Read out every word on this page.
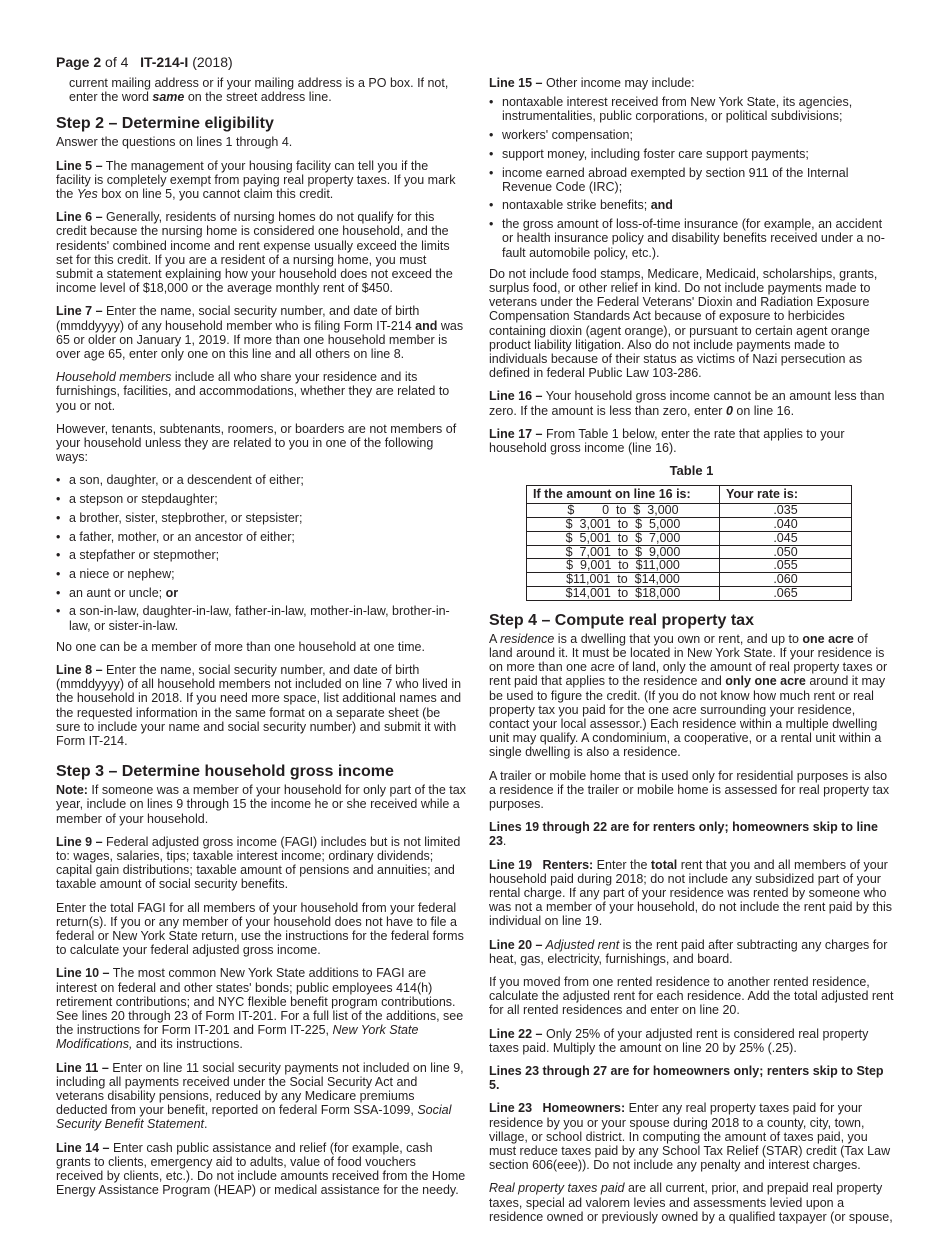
Page 2 of 4   IT-214-I (2018)

current mailing address or if your mailing address is a PO box. If not, enter the word same on the street address line.

Step 2 – Determine eligibility

Answer the questions on lines 1 through 4.

Line 5 – The management of your housing facility can tell you if the facility is completely exempt from paying real property taxes. If you mark the Yes box on line 5, you cannot claim this credit.

Line 6 – Generally, residents of nursing homes do not qualify for this credit because the nursing home is considered one household, and the residents' combined income and rent expense usually exceed the limits set for this credit. If you are a resident of a nursing home, you must submit a statement explaining how your household does not exceed the income level of $18,000 or the average monthly rent of $450.

Line 7 – Enter the name, social security number, and date of birth (mmddyyyy) of any household member who is filing Form IT-214 and was 65 or older on January 1, 2019. If more than one household member is over age 65, enter only one on this line and all others on line 8.

Household members include all who share your residence and its furnishings, facilities, and accommodations, whether they are related to you or not.

However, tenants, subtenants, roomers, or boarders are not members of your household unless they are related to you in one of the following ways:

• a son, daughter, or a descendent of either;
• a stepson or stepdaughter;
• a brother, sister, stepbrother, or stepsister;
• a father, mother, or an ancestor of either;
• a stepfather or stepmother;
• a niece or nephew;
• an aunt or uncle; or
• a son-in-law, daughter-in-law, father-in-law, mother-in-law, brother-in-law, or sister-in-law.

No one can be a member of more than one household at one time.

Line 8 – Enter the name, social security number, and date of birth (mmddyyyy) of all household members not included on line 7 who lived in the household in 2018. If you need more space, list additional names and the requested information in the same format on a separate sheet (be sure to include your name and social security number) and submit it with Form IT-214.

Step 3 – Determine household gross income

Note: If someone was a member of your household for only part of the tax year, include on lines 9 through 15 the income he or she received while a member of your household.

Line 9 – Federal adjusted gross income (FAGI) includes but is not limited to: wages, salaries, tips; taxable interest income; ordinary dividends; capital gain distributions; taxable amount of pensions and annuities; and taxable amount of social security benefits.

Enter the total FAGI for all members of your household from your federal return(s). If you or any member of your household does not have to file a federal or New York State return, use the instructions for the federal forms to calculate your federal adjusted gross income.

Line 10 – The most common New York State additions to FAGI are interest on federal and other states' bonds; public employees 414(h) retirement contributions; and NYC flexible benefit program contributions. See lines 20 through 23 of Form IT-201. For a full list of the additions, see the instructions for Form IT-201 and Form IT-225, New York State Modifications, and its instructions.

Line 11 – Enter on line 11 social security payments not included on line 9, including all payments received under the Social Security Act and veterans disability pensions, reduced by any Medicare premiums deducted from your benefit, reported on federal Form SSA-1099, Social Security Benefit Statement.

Line 14 – Enter cash public assistance and relief (for example, cash grants to clients, emergency aid to adults, value of food vouchers received by clients, etc.). Do not include amounts received from the Home Energy Assistance Program (HEAP) or medical assistance for the needy.

Line 15 – Other income may include:

• nontaxable interest received from New York State, its agencies, instrumentalities, public corporations, or political subdivisions;
• workers' compensation;
• support money, including foster care support payments;
• income earned abroad exempted by section 911 of the Internal Revenue Code (IRC);
• nontaxable strike benefits; and
• the gross amount of loss-of-time insurance (for example, an accident or health insurance policy and disability benefits received under a no-fault automobile policy, etc.).

Do not include food stamps, Medicare, Medicaid, scholarships, grants, surplus food, or other relief in kind. Do not include payments made to veterans under the Federal Veterans' Dioxin and Radiation Exposure Compensation Standards Act because of exposure to herbicides containing dioxin (agent orange), or pursuant to certain agent orange product liability litigation. Also do not include payments made to individuals because of their status as victims of Nazi persecution as defined in federal Public Law 103-286.

Line 16 – Your household gross income cannot be an amount less than zero. If the amount is less than zero, enter 0 on line 16.

Line 17 – From Table 1 below, enter the rate that applies to your household gross income (line 16).

Table 1
If the amount on line 16 is:	Your rate is:
$        0  to  $  3,000	.035
$  3,001  to  $  5,000	.040
$  5,001  to  $  7,000	.045
$  7,001  to  $  9,000	.050
$  9,001  to  $11,000	.055
$11,001  to  $14,000	.060
$14,001  to  $18,000	.065
Step 4 – Compute real property tax

A residence is a dwelling that you own or rent, and up to one acre of land around it. It must be located in New York State. If your residence is on more than one acre of land, only the amount of real property taxes or rent paid that applies to the residence and only one acre around it may be used to figure the credit. (If you do not know how much rent or real property tax you paid for the one acre surrounding your residence, contact your local assessor.) Each residence within a multiple dwelling unit may qualify. A condominium, a cooperative, or a rental unit within a single dwelling is also a residence.

A trailer or mobile home that is used only for residential purposes is also a residence if the trailer or mobile home is assessed for real property tax purposes.

Lines 19 through 22 are for renters only; homeowners skip to line 23.

Line 19   Renters: Enter the total rent that you and all members of your household paid during 2018; do not include any subsidized part of your rental charge. If any part of your residence was rented by someone who was not a member of your household, do not include the rent paid by this individual on line 19.

Line 20 – Adjusted rent is the rent paid after subtracting any charges for heat, gas, electricity, furnishings, and board.

If you moved from one rented residence to another rented residence, calculate the adjusted rent for each residence. Add the total adjusted rent for all rented residences and enter on line 20.

Line 22 – Only 25% of your adjusted rent is considered real property taxes paid. Multiply the amount on line 20 by 25% (.25).

Lines 23 through 27 are for homeowners only; renters skip to Step 5.

Line 23   Homeowners: Enter any real property taxes paid for your residence by you or your spouse during 2018 to a county, city, town, village, or school district. In computing the amount of taxes paid, you must reduce taxes paid by any School Tax Relief (STAR) credit (Tax Law section 606(eee)). Do not include any penalty and interest charges.

Real property taxes paid are all current, prior, and prepaid real property taxes, special ad valorem levies and assessments levied upon a residence owned or previously owned by a qualified taxpayer (or spouse,
